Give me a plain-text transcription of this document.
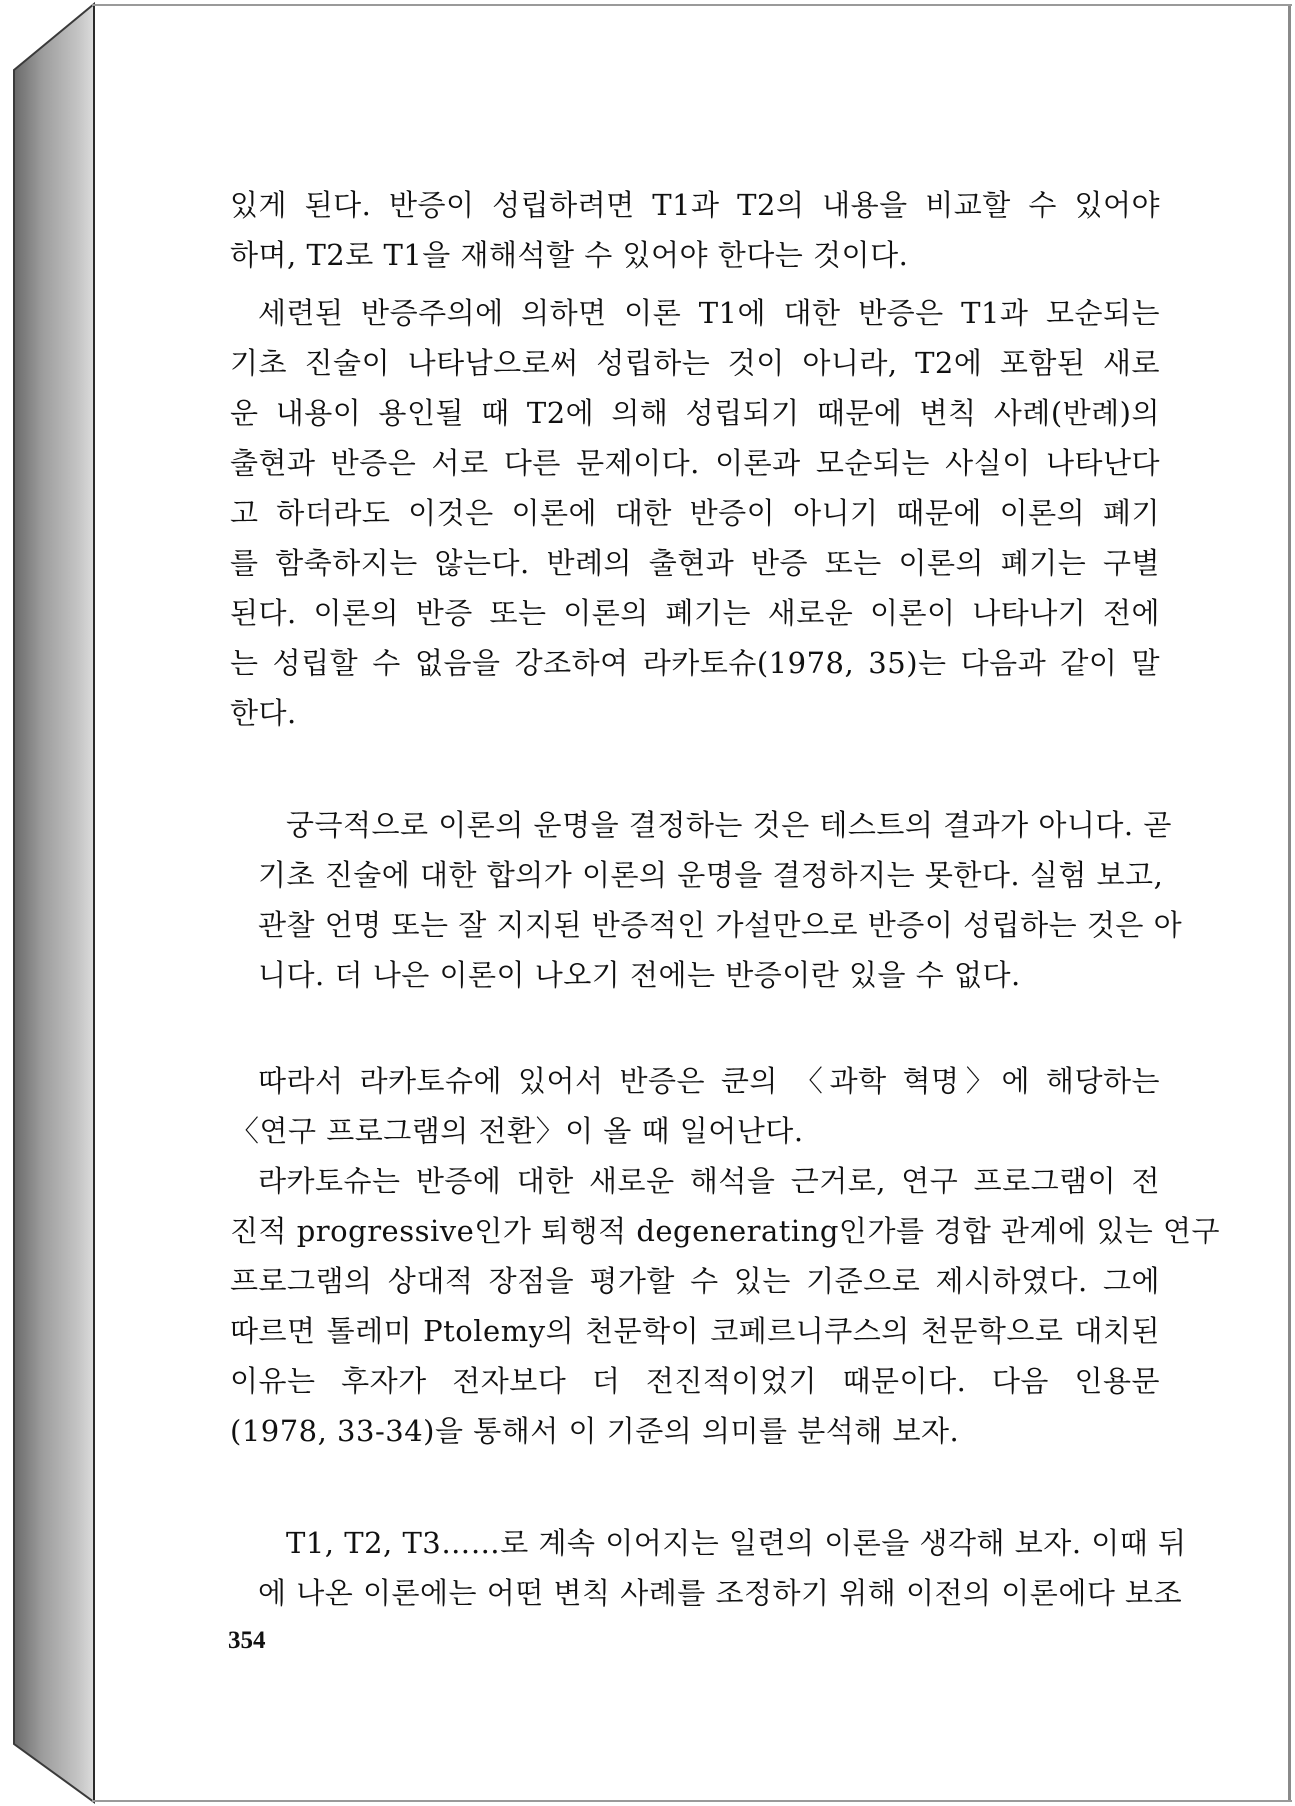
있게 된다. 반증이 성립하려면 T1과 T2의 내용을 비교할 수 있어야
하며, T2로 T1을 재해석할 수 있어야 한다는 것이다.
세련된 반증주의에 의하면 이론 T1에 대한 반증은 T1과 모순되는
기초 진술이 나타남으로써 성립하는 것이 아니라, T2에 포함된 새로
운 내용이 용인될 때 T2에 의해 성립되기 때문에 변칙 사례(반례)의
출현과 반증은 서로 다른 문제이다. 이론과 모순되는 사실이 나타난다
고 하더라도 이것은 이론에 대한 반증이 아니기 때문에 이론의 폐기
를 함축하지는 않는다. 반례의 출현과 반증 또는 이론의 폐기는 구별
된다. 이론의 반증 또는 이론의 폐기는 새로운 이론이 나타나기 전에
는 성립할 수 없음을 강조하여 라카토슈(1978, 35)는 다음과 같이 말
한다.
궁극적으로 이론의 운명을 결정하는 것은 테스트의 결과가 아니다. 곧
기초 진술에 대한 합의가 이론의 운명을 결정하지는 못한다. 실험 보고,
관찰 언명 또는 잘 지지된 반증적인 가설만으로 반증이 성립하는 것은 아
니다. 더 나은 이론이 나오기 전에는 반증이란 있을 수 없다.
따라서 라카토슈에 있어서 반증은 쿤의 〈과학 혁명〉에 해당하는
〈연구 프로그램의 전환〉이 올 때 일어난다.
라카토슈는 반증에 대한 새로운 해석을 근거로, 연구 프로그램이 전
진적 progressive인가 퇴행적 degenerating인가를 경합 관계에 있는 연구
프로그램의 상대적 장점을 평가할 수 있는 기준으로 제시하였다. 그에
따르면 톨레미 Ptolemy의 천문학이 코페르니쿠스의 천문학으로 대치된
이유는 후자가 전자보다 더 전진적이었기 때문이다. 다음 인용문
(1978, 33-34)을 통해서 이 기준의 의미를 분석해 보자.
T1, T2, T3……로 계속 이어지는 일련의 이론을 생각해 보자. 이때 뒤
에 나온 이론에는 어떤 변칙 사례를 조정하기 위해 이전의 이론에다 보조
354
